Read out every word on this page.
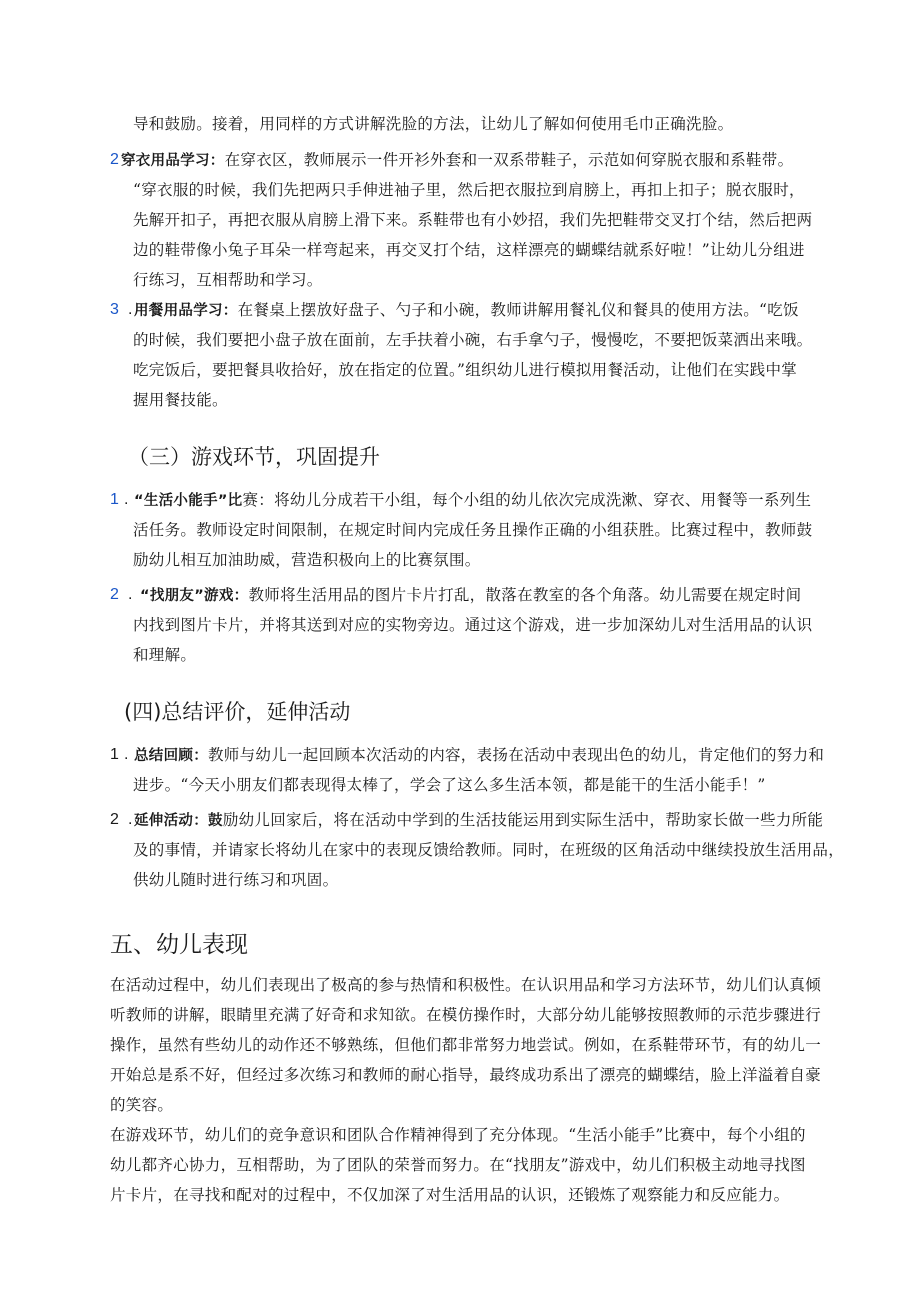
导和鼓励。接着，用同样的方式讲解洗脸的方法，让幼儿了解如何使用毛巾正确洗脸。
2 穿衣用品学习：在穿衣区，教师展示一件开衫外套和一双系带鞋子，示范如何穿脱衣服和系鞋带。
“穿衣服的时候，我们先把两只手伸进袖子里，然后把衣服拉到肩膀上，再扣上扣子；脱衣服时，
先解开扣子，再把衣服从肩膀上滑下来。系鞋带也有小妙招，我们先把鞋带交叉打个结，然后把两
边的鞋带像小兔子耳朵一样弯起来，再交叉打个结，这样漂亮的蝴蝶结就系好啦！”让幼儿分组进
行练习，互相帮助和学习。
3 . 用餐用品学习：在餐桌上摆放好盘子、勺子和小碗，教师讲解用餐礼仪和餐具的使用方法。“吃饭
的时候，我们要把小盘子放在面前，左手扶着小碗，右手拿勺子，慢慢吃，不要把饭菜洒出来哦。
吃完饭后，要把餐具收拾好，放在指定的位置。”组织幼儿进行模拟用餐活动，让他们在实践中掌
握用餐技能。
（三）游戏环节，巩固提升
1 . “生活小能手”比赛：将幼儿分成若干小组，每个小组的幼儿依次完成洗漱、穿衣、用餐等一系列生
活任务。教师设定时间限制，在规定时间内完成任务且操作正确的小组获胜。比赛过程中，教师鼓
励幼儿相互加油助威，营造积极向上的比赛氛围。
2 . “找朋友”游戏：教师将生活用品的图片卡片打乱，散落在教室的各个角落。幼儿需要在规定时间
内找到图片卡片，并将其送到对应的实物旁边。通过这个游戏，进一步加深幼儿对生活用品的认识
和理解。
(四)总结评价，延伸活动
1 . 总结回顾：教师与幼儿一起回顾本次活动的内容，表扬在活动中表现出色的幼儿，肯定他们的努力和
进步。“今天小朋友们都表现得太棒了，学会了这么多生活本领，都是能干的生活小能手！”
2 . 延伸活动：鼓励幼儿回家后，将在活动中学到的生活技能运用到实际生活中，帮助家长做一些力所能
及的事情，并请家长将幼儿在家中的表现反馈给教师。同时，在班级的区角活动中继续投放生活用品，
供幼儿随时进行练习和巩固。
五、幼儿表现
在活动过程中，幼儿们表现出了极高的参与热情和积极性。在认识用品和学习方法环节，幼儿们认真倾
听教师的讲解，眼睛里充满了好奇和求知欲。在模仿操作时，大部分幼儿能够按照教师的示范步骤进行
操作，虽然有些幼儿的动作还不够熟练，但他们都非常努力地尝试。例如，在系鞋带环节，有的幼儿一
开始总是系不好，但经过多次练习和教师的耐心指导，最终成功系出了漂亮的蝴蝶结，脸上洋溢着自豪
的笑容。
在游戏环节，幼儿们的竞争意识和团队合作精神得到了充分体现。“生活小能手”比赛中，每个小组的
幼儿都齐心协力，互相帮助，为了团队的荣誉而努力。在“找朋友”游戏中，幼儿们积极主动地寻找图
片卡片，在寻找和配对的过程中，不仅加深了对生活用品的认识，还锻炼了观察能力和反应能力。
